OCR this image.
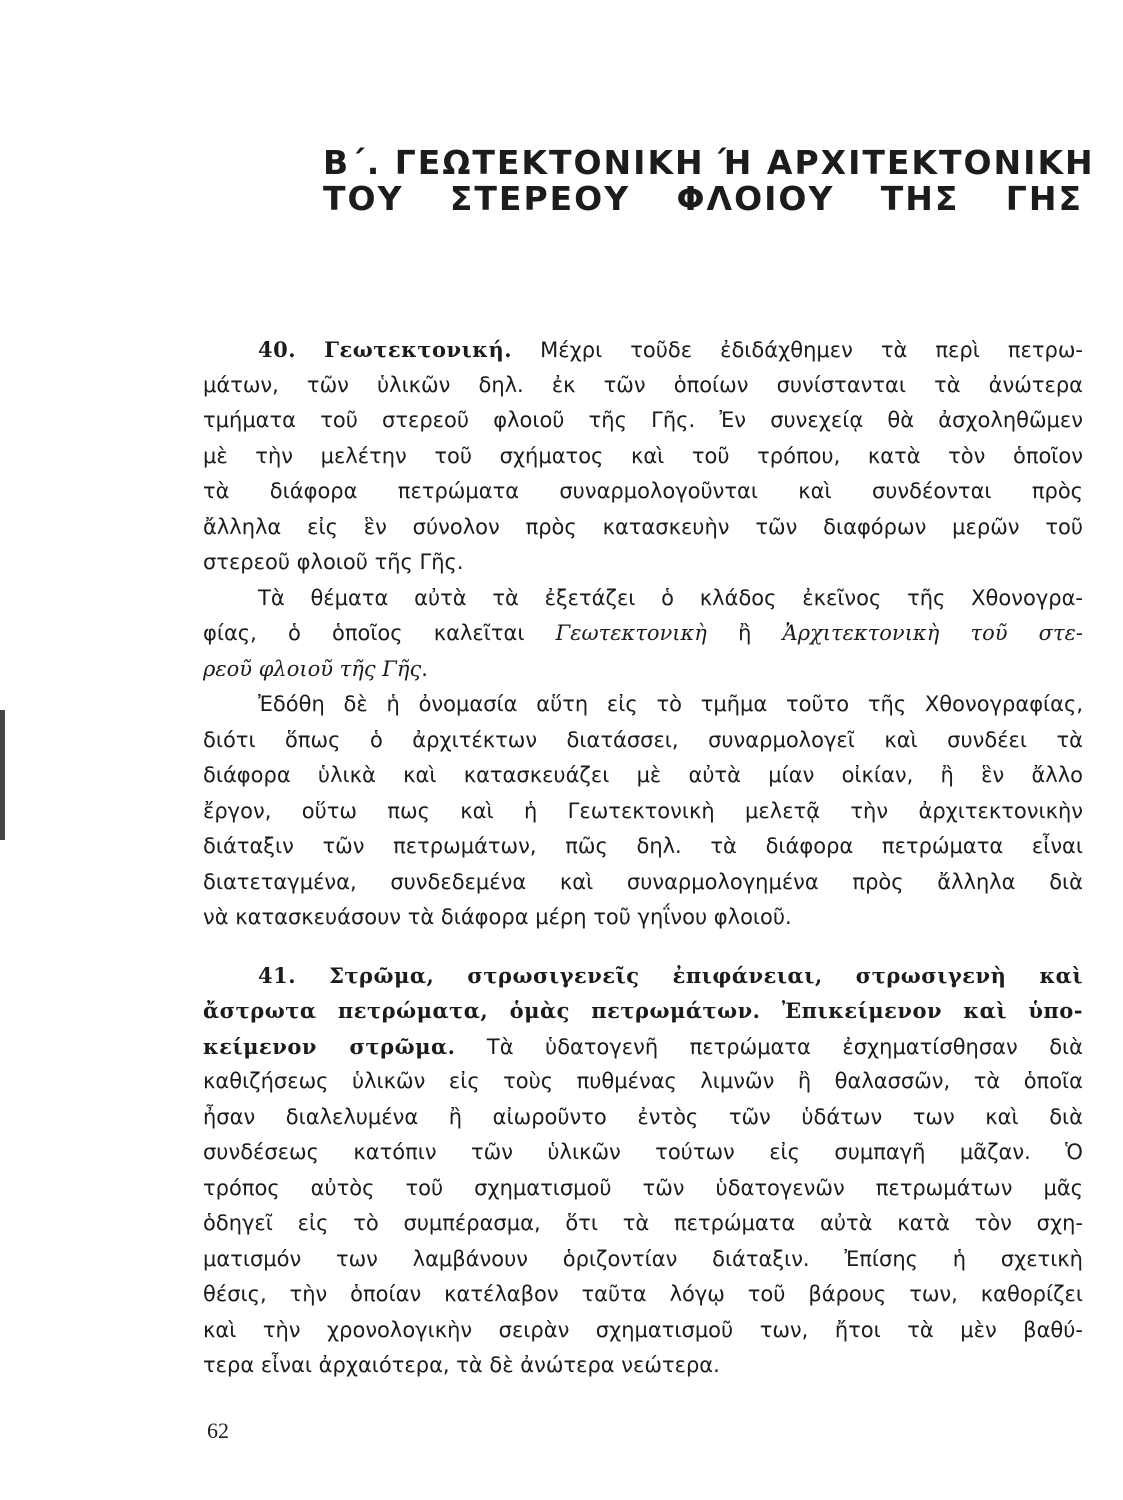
Β΄. ΓΕΩΤΕΚΤΟΝΙΚΗ Ή ΑΡΧΙΤΕΚΤΟΝΙΚΗ
ΤΟΥ ΣΤΕΡΕΟΥ ΦΛΟΙΟΥ ΤΗΣ ΓΗΣ
40. Γεωτεκτονική. Μέχρι τοῦδε ἐδιδάχθημεν τὰ περὶ πετρω-
μάτων, τῶν ὑλικῶν δηλ. ἐκ τῶν ὁποίων συνίστανται τὰ ἀνώτερα
τμήματα τοῦ στερεοῦ φλοιοῦ τῆς Γῆς. Ἐν συνεχείᾳ θὰ ἀσχοληθῶμεν
μὲ τὴν μελέτην τοῦ σχήματος καὶ τοῦ τρόπου, κατὰ τὸν ὁποῖον
τὰ διάφορα πετρώματα συναρμολογοῦνται καὶ συνδέονται πρὸς
ἄλληλα εἰς ἓν σύνολον πρὸς κατασκευὴν τῶν διαφόρων μερῶν τοῦ
στερεοῦ φλοιοῦ τῆς Γῆς.
Τὰ θέματα αὐτὰ τὰ ἐξετάζει ὁ κλάδος ἐκεῖνος τῆς Χθονογρα-
φίας, ὁ ὁποῖος καλεῖται Γεωτεκτονικὴ ἢ Ἀρχιτεκτονικὴ τοῦ στε-
ρεοῦ φλοιοῦ τῆς Γῆς.
Ἐδόθη δὲ ἡ ὀνομασία αὕτη εἰς τὸ τμῆμα τοῦτο τῆς Χθονογραφίας,
διότι ὅπως ὁ ἀρχιτέκτων διατάσσει, συναρμολογεῖ καὶ συνδέει τὰ
διάφορα ὑλικὰ καὶ κατασκευάζει μὲ αὐτὰ μίαν οἰκίαν, ἢ ἓν ἄλλο
ἔργον, οὕτω πως καὶ ἡ Γεωτεκτονικὴ μελετᾷ τὴν ἀρχιτεκτονικὴν
διάταξιν τῶν πετρωμάτων, πῶς δηλ. τὰ διάφορα πετρώματα εἶναι
διατεταγμένα, συνδεδεμένα καὶ συναρμολογημένα πρὸς ἄλληλα διὰ
νὰ κατασκευάσουν τὰ διάφορα μέρη τοῦ γηΐνου φλοιοῦ.
41. Στρῶμα, στρωσιγενεῖς ἐπιφάνειαι, στρωσιγενὴ καὶ
ἄστρωτα πετρώματα, ὁμὰς πετρωμάτων. Ἐπικείμενον καὶ ὑπο-
κείμενον στρῶμα. Τὰ ὑδατογενῆ πετρώματα ἐσχηματίσθησαν διὰ
καθιζήσεως ὑλικῶν εἰς τοὺς πυθμένας λιμνῶν ἢ θαλασσῶν, τὰ ὁποῖα
ἦσαν διαλελυμένα ἢ αἰωροῦντο ἐντὸς τῶν ὑδάτων των καὶ διὰ
συνδέσεως κατόπιν τῶν ὑλικῶν τούτων εἰς συμπαγῆ μᾶζαν. Ὁ
τρόπος αὐτὸς τοῦ σχηματισμοῦ τῶν ὑδατογενῶν πετρωμάτων μᾶς
ὁδηγεῖ εἰς τὸ συμπέρασμα, ὅτι τὰ πετρώματα αὐτὰ κατὰ τὸν σχη-
ματισμόν των λαμβάνουν ὁριζοντίαν διάταξιν. Ἐπίσης ἡ σχετικὴ
θέσις, τὴν ὁποίαν κατέλαβον ταῦτα λόγῳ τοῦ βάρους των, καθορίζει
καὶ τὴν χρονολογικὴν σειρὰν σχηματισμοῦ των, ἤτοι τὰ μὲν βαθύ-
τερα εἶναι ἀρχαιότερα, τὰ δὲ ἀνώτερα νεώτερα.
62
